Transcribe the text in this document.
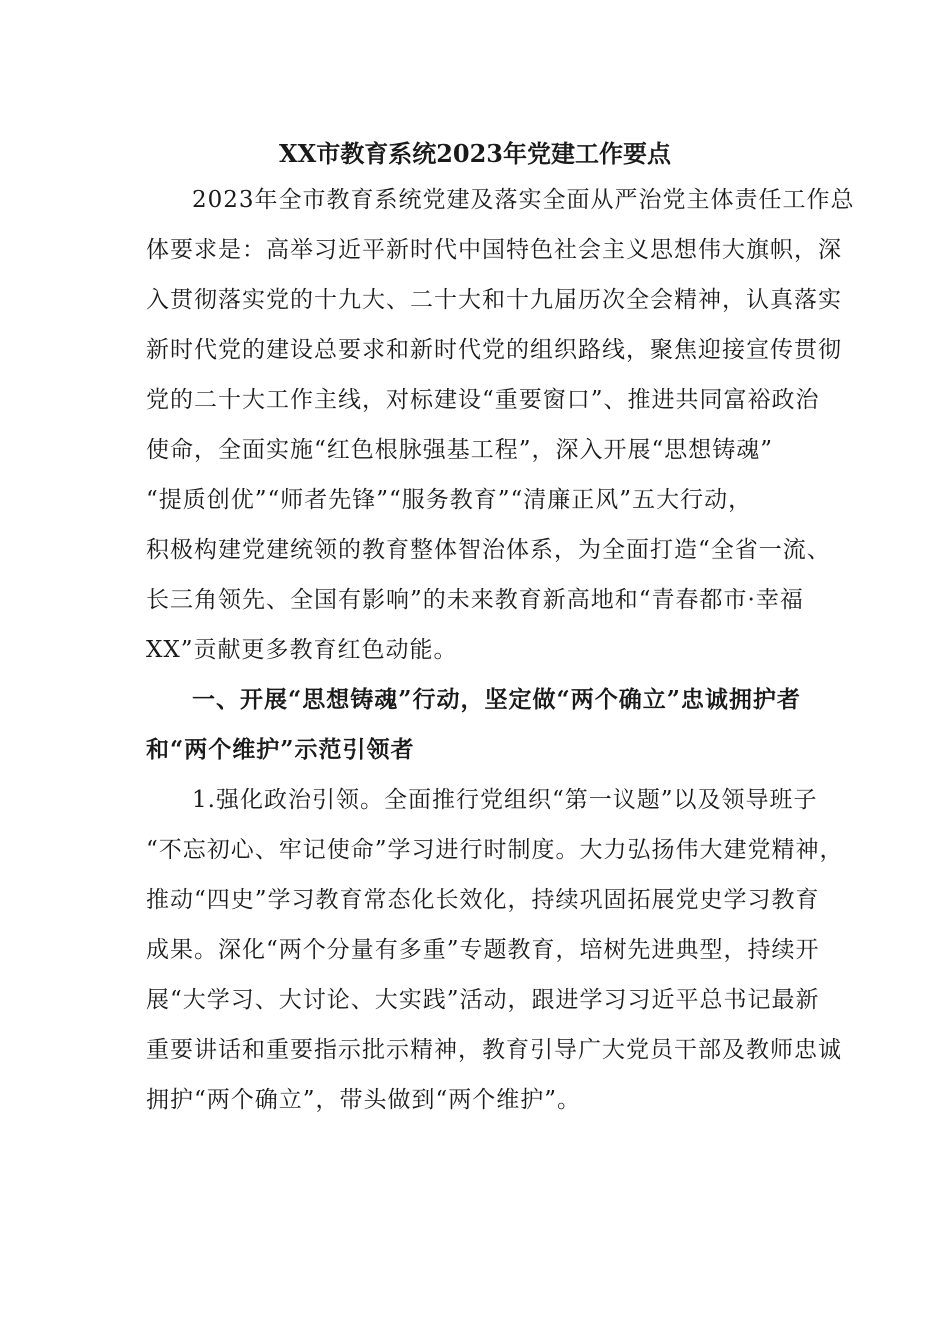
XX市教育系统2023年党建工作要点
2023年全市教育系统党建及落实全面从严治党主体责任工作总
体要求是：高举习近平新时代中国特色社会主义思想伟大旗帜，深
入贯彻落实党的十九大、二十大和十九届历次全会精神，认真落实
新时代党的建设总要求和新时代党的组织路线，聚焦迎接宣传贯彻
党的二十大工作主线，对标建设“重要窗口”、推进共同富裕政治
使命，全面实施“红色根脉强基工程”，深入开展“思想铸魂”
“提质创优”“师者先锋”“服务教育”“清廉正风”五大行动，
积极构建党建统领的教育整体智治体系，为全面打造“全省一流、
长三角领先、全国有影响”的未来教育新高地和“青春都市·幸福
XX”贡献更多教育红色动能。
一、开展“思想铸魂”行动，坚定做“两个确立”忠诚拥护者
和“两个维护”示范引领者
1.强化政治引领。全面推行党组织“第一议题”以及领导班子
“不忘初心、牢记使命”学习进行时制度。大力弘扬伟大建党精神，
推动“四史”学习教育常态化长效化，持续巩固拓展党史学习教育
成果。深化“两个分量有多重”专题教育，培树先进典型，持续开
展“大学习、大讨论、大实践”活动，跟进学习习近平总书记最新
重要讲话和重要指示批示精神，教育引导广大党员干部及教师忠诚
拥护“两个确立”，带头做到“两个维护”。
